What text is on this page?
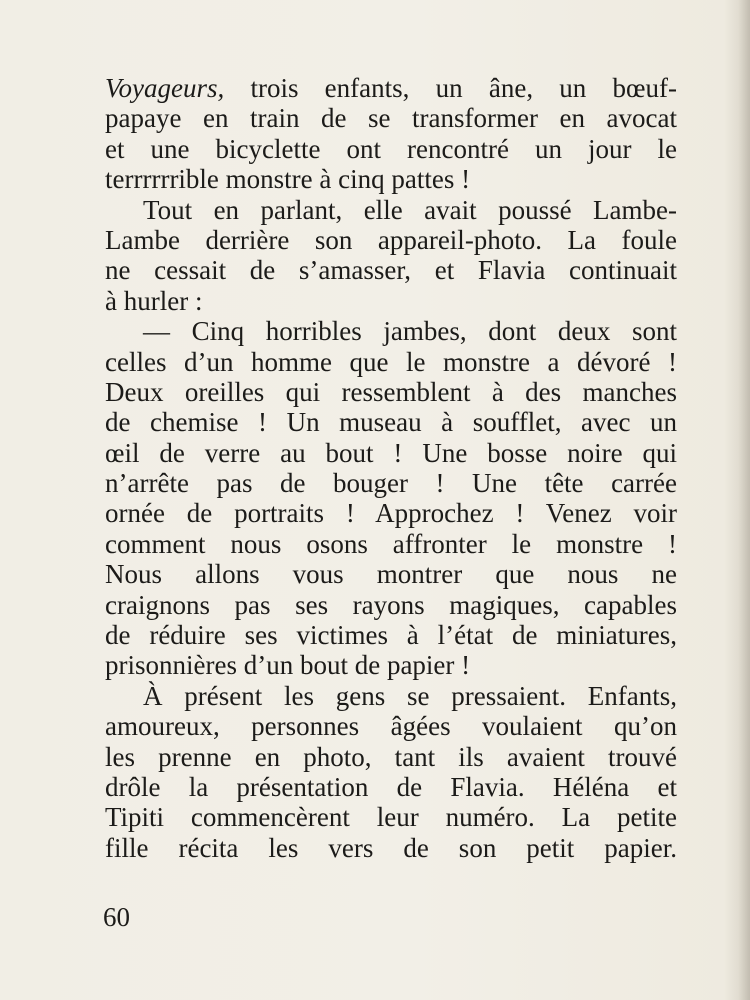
Voyageurs, trois enfants, un âne, un bœuf-
papaye en train de se transformer en avocat
et une bicyclette ont rencontré un jour le
terrrrrrible monstre à cinq pattes !
Tout en parlant, elle avait poussé Lambe-
Lambe derrière son appareil-photo. La foule
ne cessait de s’amasser, et Flavia continuait
à hurler :
— Cinq horribles jambes, dont deux sont
celles d’un homme que le monstre a dévoré !
Deux oreilles qui ressemblent à des manches
de chemise ! Un museau à soufflet, avec un
œil de verre au bout ! Une bosse noire qui
n’arrête pas de bouger ! Une tête carrée
ornée de portraits ! Approchez ! Venez voir
comment nous osons affronter le monstre !
Nous allons vous montrer que nous ne
craignons pas ses rayons magiques, capables
de réduire ses victimes à l’état de miniatures,
prisonnières d’un bout de papier !
À présent les gens se pressaient. Enfants,
amoureux, personnes âgées voulaient qu’on
les prenne en photo, tant ils avaient trouvé
drôle la présentation de Flavia. Héléna et
Tipiti commencèrent leur numéro. La petite
fille récita les vers de son petit papier.
60
